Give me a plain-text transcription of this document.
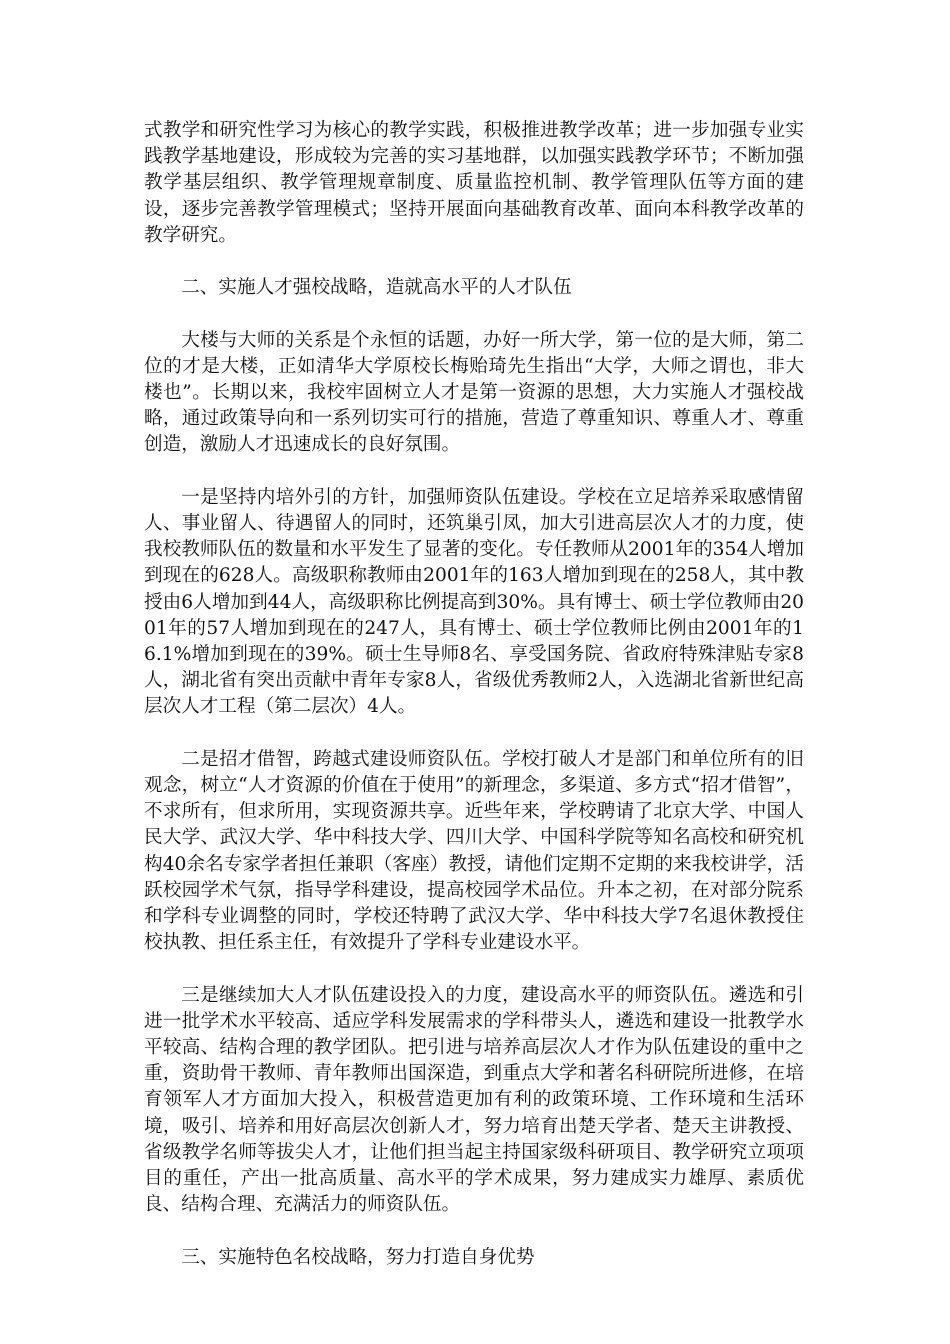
式教学和研究性学习为核心的教学实践，积极推进教学改革；进一步加强专业实践教学基地建设，形成较为完善的实习基地群，以加强实践教学环节；不断加强教学基层组织、教学管理规章制度、质量监控机制、教学管理队伍等方面的建设，逐步完善教学管理模式；坚持开展面向基础教育改革、面向本科教学改革的教学研究。

二、实施人才强校战略，造就高水平的人才队伍

大楼与大师的关系是个永恒的话题，办好一所大学，第一位的是大师，第二位的才是大楼，正如清华大学原校长梅贻琦先生指出“大学，大师之谓也，非大楼也”。长期以来，我校牢固树立人才是第一资源的思想，大力实施人才强校战略，通过政策导向和一系列切实可行的措施，营造了尊重知识、尊重人才、尊重创造，激励人才迅速成长的良好氛围。

一是坚持内培外引的方针，加强师资队伍建设。学校在立足培养采取感情留人、事业留人、待遇留人的同时，还筑巢引凤，加大引进高层次人才的力度，使我校教师队伍的数量和水平发生了显著的变化。专任教师从2001年的354人增加到现在的628人。高级职称教师由2001年的163人增加到现在的258人，其中教授由6人增加到44人，高级职称比例提高到30%。具有博士、硕士学位教师由2001年的57人增加到现在的247人，具有博士、硕士学位教师比例由2001年的16.1%增加到现在的39%。硕士生导师8名、享受国务院、省政府特殊津贴专家8人，湖北省有突出贡献中青年专家8人，省级优秀教师2人，入选湖北省新世纪高层次人才工程（第二层次）4人。

二是招才借智，跨越式建设师资队伍。学校打破人才是部门和单位所有的旧观念，树立“人才资源的价值在于使用”的新理念，多渠道、多方式“招才借智”，不求所有，但求所用，实现资源共享。近些年来，学校聘请了北京大学、中国人民大学、武汉大学、华中科技大学、四川大学、中国科学院等知名高校和研究机构40余名专家学者担任兼职（客座）教授，请他们定期不定期的来我校讲学，活跃校园学术气氛，指导学科建设，提高校园学术品位。升本之初，在对部分院系和学科专业调整的同时，学校还特聘了武汉大学、华中科技大学7名退休教授住校执教、担任系主任，有效提升了学科专业建设水平。

三是继续加大人才队伍建设投入的力度，建设高水平的师资队伍。遴选和引进一批学术水平较高、适应学科发展需求的学科带头人，遴选和建设一批教学水平较高、结构合理的教学团队。把引进与培养高层次人才作为队伍建设的重中之重，资助骨干教师、青年教师出国深造，到重点大学和著名科研院所进修，在培育领军人才方面加大投入，积极营造更加有利的政策环境、工作环境和生活环境，吸引、培养和用好高层次创新人才，努力培育出楚天学者、楚天主讲教授、省级教学名师等拔尖人才，让他们担当起主持国家级科研项目、教学研究立项项目的重任，产出一批高质量、高水平的学术成果，努力建成实力雄厚、素质优良、结构合理、充满活力的师资队伍。

三、实施特色名校战略，努力打造自身优势
